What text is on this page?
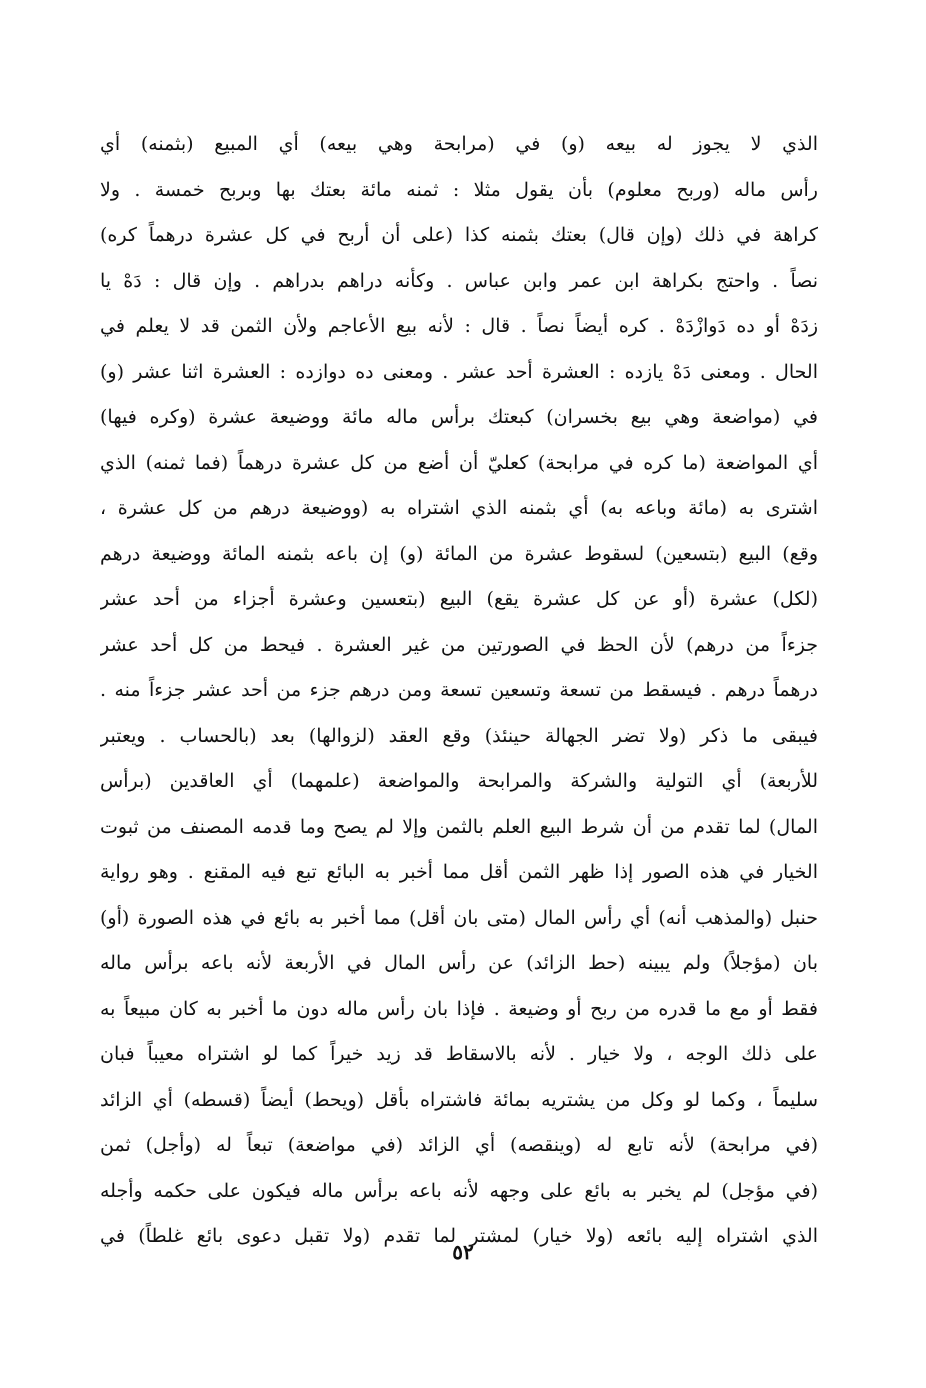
الذي لا يجوز له بيعه (و) في (مرابحة وهي بيعه) أي المبيع (بثمنه) أي
رأس ماله (وربح معلوم) بأن يقول مثلا : ثمنه مائة بعتك بها وبربح خمسة . ولا
كراهة في ذلك (وإن قال) بعتك بثمنه كذا (على أن أربح في كل عشرة درهماً كره)
نصاً . واحتج بكراهة ابن عمر وابن عباس . وكأنه دراهم بدراهم . وإن قال : دَهْ يا
زدَهْ أو ده دَوازْدَهْ . كره أيضاً نصاً . قال : لأنه بيع الأعاجم ولأن الثمن قد لا يعلم في
الحال . ومعنى دَهْ يازده : العشرة أحد عشر . ومعنى ده دوازده : العشرة اثنا عشر (و)
في (مواضعة وهي بيع بخسران) كبعتك برأس ماله مائة ووضيعة عشرة (وكره فيها)
أي المواضعة (ما كره في مرابحة) كعليّ أن أضع من كل عشرة درهماً (فما ثمنه) الذي
اشترى به (مائة وباعه به) أي بثمنه الذي اشتراه به (ووضيعة درهم من كل عشرة ،
وقع) البيع (بتسعين) لسقوط عشرة من المائة (و) إن باعه بثمنه المائة ووضيعة درهم
(لكل) عشرة (أو عن كل عشرة يقع) البيع (بتعسين وعشرة أجزاء من أحد عشر
جزءاً من درهم) لأن الحظ في الصورتين من غير العشرة . فيحط من كل أحد عشر
درهماً درهم . فيسقط من تسعة وتسعين تسعة ومن درهم جزء من أحد عشر جزءاً منه .
فيبقى ما ذكر (ولا تضر الجهالة حينئذ) وقع العقد (لزوالها) بعد (بالحساب . ويعتبر
للأربعة) أي التولية والشركة والمرابحة والمواضعة (علمهما) أي العاقدين (برأس
المال) لما تقدم من أن شرط البيع العلم بالثمن وإلا لم يصح وما قدمه المصنف من ثبوت
الخيار في هذه الصور إذا ظهر الثمن أقل مما أخبر به البائع تبع فيه المقنع . وهو رواية
حنبل (والمذهب أنه) أي رأس المال (متى بان أقل) مما أخبر به بائع في هذه الصورة (أو)
بان (مؤجلاً) ولم يبينه (حط الزائد) عن رأس المال في الأربعة لأنه باعه برأس ماله
فقط أو مع ما قدره من ربح أو وضيعة . فإذا بان رأس ماله دون ما أخبر به كان مبيعاً به
على ذلك الوجه ، ولا خيار . لأنه بالاسقاط قد زيد خيراً كما لو اشتراه معيباً فبان
سليماً ، وكما لو وكل من يشتريه بمائة فاشتراه بأقل (ويحط) أيضاً (قسطه) أي الزائد
(في مرابحة) لأنه تابع له (وينقصه) أي الزائد (في مواضعة) تبعاً له (وأجل) ثمن
(في مؤجل) لم يخبر به بائع على وجهه لأنه باعه برأس ماله فيكون على حكمه وأجله
الذي اشتراه إليه بائعه (ولا خيار) لمشتر لما تقدم (ولا تقبل دعوى بائع غلطاً) في
٥٢
